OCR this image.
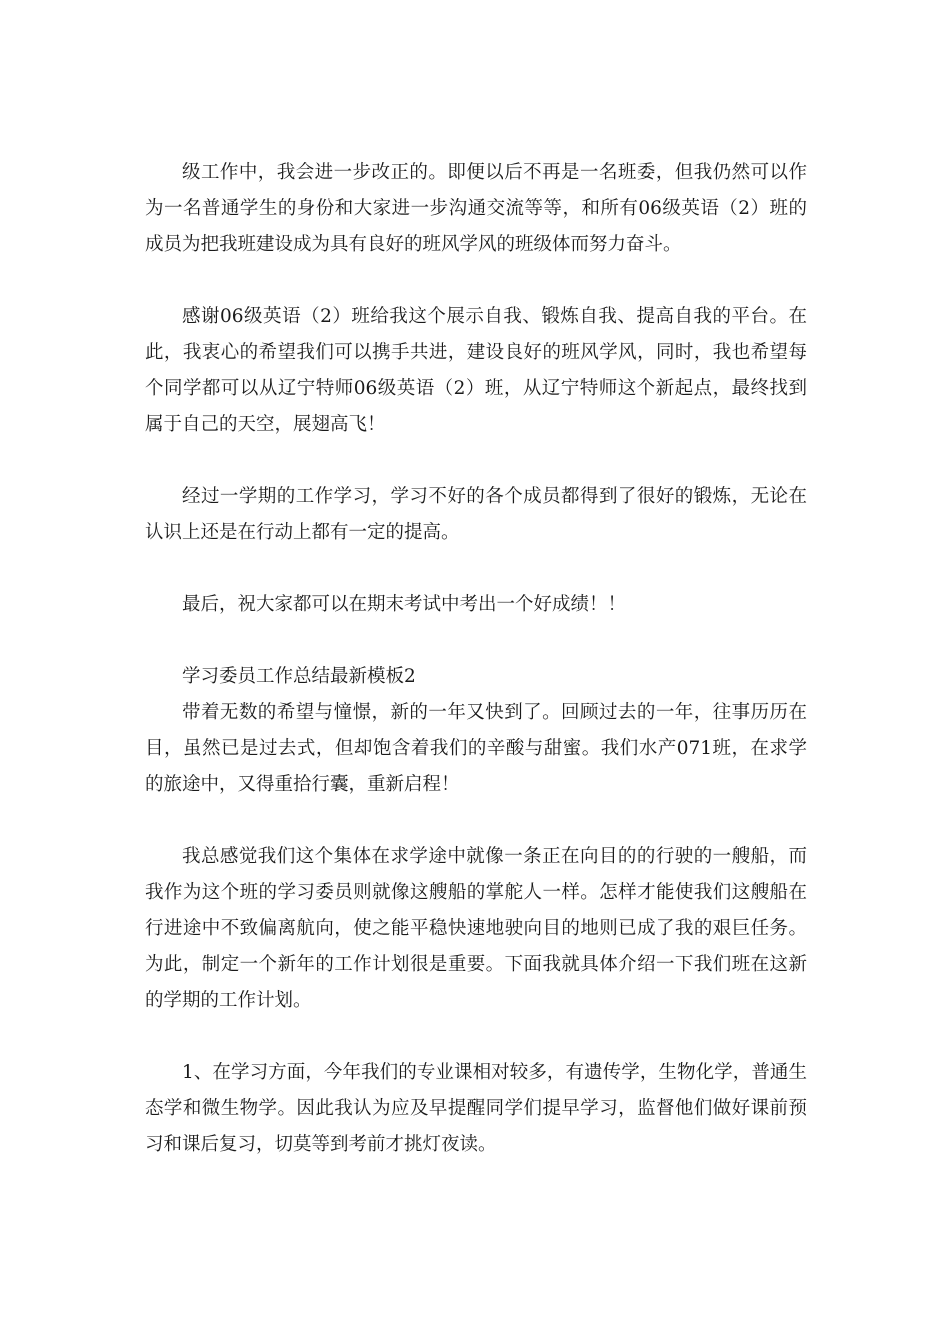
级工作中，我会进一步改正的。即便以后不再是一名班委，但我仍然可以作为一名普通学生的身份和大家进一步沟通交流等等，和所有06级英语（2）班的成员为把我班建设成为具有良好的班风学风的班级体而努力奋斗。

感谢06级英语（2）班给我这个展示自我、锻炼自我、提高自我的平台。在此，我衷心的希望我们可以携手共进，建设良好的班风学风，同时，我也希望每个同学都可以从辽宁特师06级英语（2）班，从辽宁特师这个新起点，最终找到属于自己的天空，展翅高飞！

经过一学期的工作学习，学习不好的各个成员都得到了很好的锻炼，无论在认识上还是在行动上都有一定的提高。

最后，祝大家都可以在期末考试中考出一个好成绩！！

学习委员工作总结最新模板2

带着无数的希望与憧憬，新的一年又快到了。回顾过去的一年，往事历历在目，虽然已是过去式，但却饱含着我们的辛酸与甜蜜。我们水产071班，在求学的旅途中，又得重拾行囊，重新启程！

我总感觉我们这个集体在求学途中就像一条正在向目的的行驶的一艘船，而我作为这个班的学习委员则就像这艘船的掌舵人一样。怎样才能使我们这艘船在行进途中不致偏离航向，使之能平稳快速地驶向目的地则已成了我的艰巨任务。为此，制定一个新年的工作计划很是重要。下面我就具体介绍一下我们班在这新的学期的工作计划。

1、在学习方面，今年我们的专业课相对较多，有遗传学，生物化学，普通生态学和微生物学。因此我认为应及早提醒同学们提早学习，监督他们做好课前预习和课后复习，切莫等到考前才挑灯夜读。
